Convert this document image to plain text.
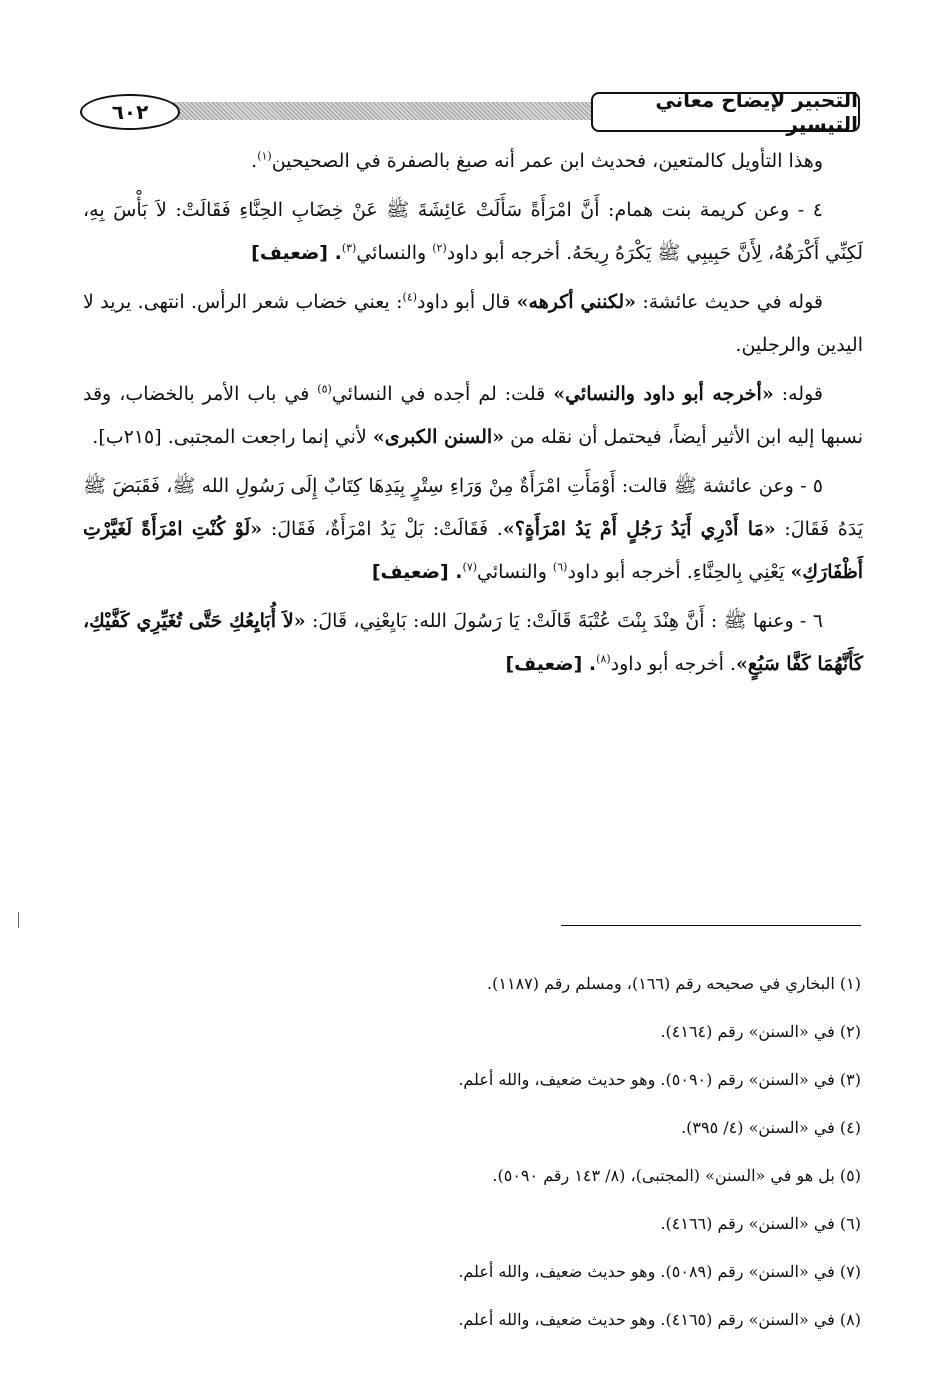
التحبير لإيضاح معاني التيسير
٦٠٢

وهذا التأويل كالمتعين، فحديث ابن عمر أنه صبغ بالصفرة في الصحيحين$^{(١)}$.

٤ - وعن كريمة بنت همام: أَنَّ امْرَأَةً سَأَلَتْ عَائِشَةَ ﷺ عَنْ خِضَابِ الحِنَّاءِ فَقَالَتْ: لاَ بَأْسَ بِهِ، لَكِنِّي أَكْرَهُهُ، لِأَنَّ حَبِيبِي ﷺ يَكْرَهُ رِيحَهُ. أخرجه أبو داود$^{(٢)}$ والنسائي$^{(٣)}$. [ضعيف]

قوله في حديث عائشة: «لكنني أكرهه» قال أبو داود$^{(٤)}$: يعني خضاب شعر الرأس. انتهى. يريد لا اليدين والرجلين.

قوله: «أخرجه أبو داود والنسائي» قلت: لم أجده في النسائي$^{(٥)}$ في باب الأمر بالخضاب، وقد نسبها إليه ابن الأثير أيضاً، فيحتمل أن نقله من «السنن الكبرى» لأني إنما راجعت المجتبى. [٢١٥ب].

٥ - وعن عائشة ﷺ قالت: أَوْمَأَتِ امْرَأَةٌ مِنْ وَرَاءِ سِتْرٍ بِيَدِهَا كِتَابٌ إِلَى رَسُولِ الله ﷺ، فَقَبَضَ ﷺ يَدَهُ فَقَالَ: «مَا أَدْرِي أَيَدُ رَجُلٍ أَمْ يَدُ امْرَأَةٍ؟». فَقَالَتْ: بَلْ يَدُ امْرَأَةٌ، فَقَالَ: «لَوْ كُنْتِ امْرَأَةً لَغَيَّرْتِ أَظْفَارَكِ» يَعْنِي بِالحِنَّاءِ. أخرجه أبو داود$^{(٦)}$ والنسائي$^{(٧)}$. [ضعيف]

٦ - وعنها ﷺ : أَنَّ هِنْدَ بِنْتَ عُتْبَةَ قَالَتْ: يَا رَسُولَ الله: بَايِعْنِي، قَالَ: «لاَ أُبَايِعُكِ حَتَّى تُغَيِّرِي كَفَّيْكِ، كَأَنَّهُمَا كَفَّا سَبُعٍ». أخرجه أبو داود$^{(٨)}$. [ضعيف]

(١) البخاري في صحيحه رقم (١٦٦)، ومسلم رقم (١١٨٧).
(٢) في «السنن» رقم (٤١٦٤).
(٣) في «السنن» رقم (٥٠٩٠). وهو حديث ضعيف، والله أعلم.
(٤) في «السنن» (٤/ ٣٩٥).
(٥) بل هو في «السنن» (المجتبى)، (٨/ ١٤٣ رقم ٥٠٩٠).
(٦) في «السنن» رقم (٤١٦٦).
(٧) في «السنن» رقم (٥٠٨٩). وهو حديث ضعيف، والله أعلم.
(٨) في «السنن» رقم (٤١٦٥). وهو حديث ضعيف، والله أعلم.
